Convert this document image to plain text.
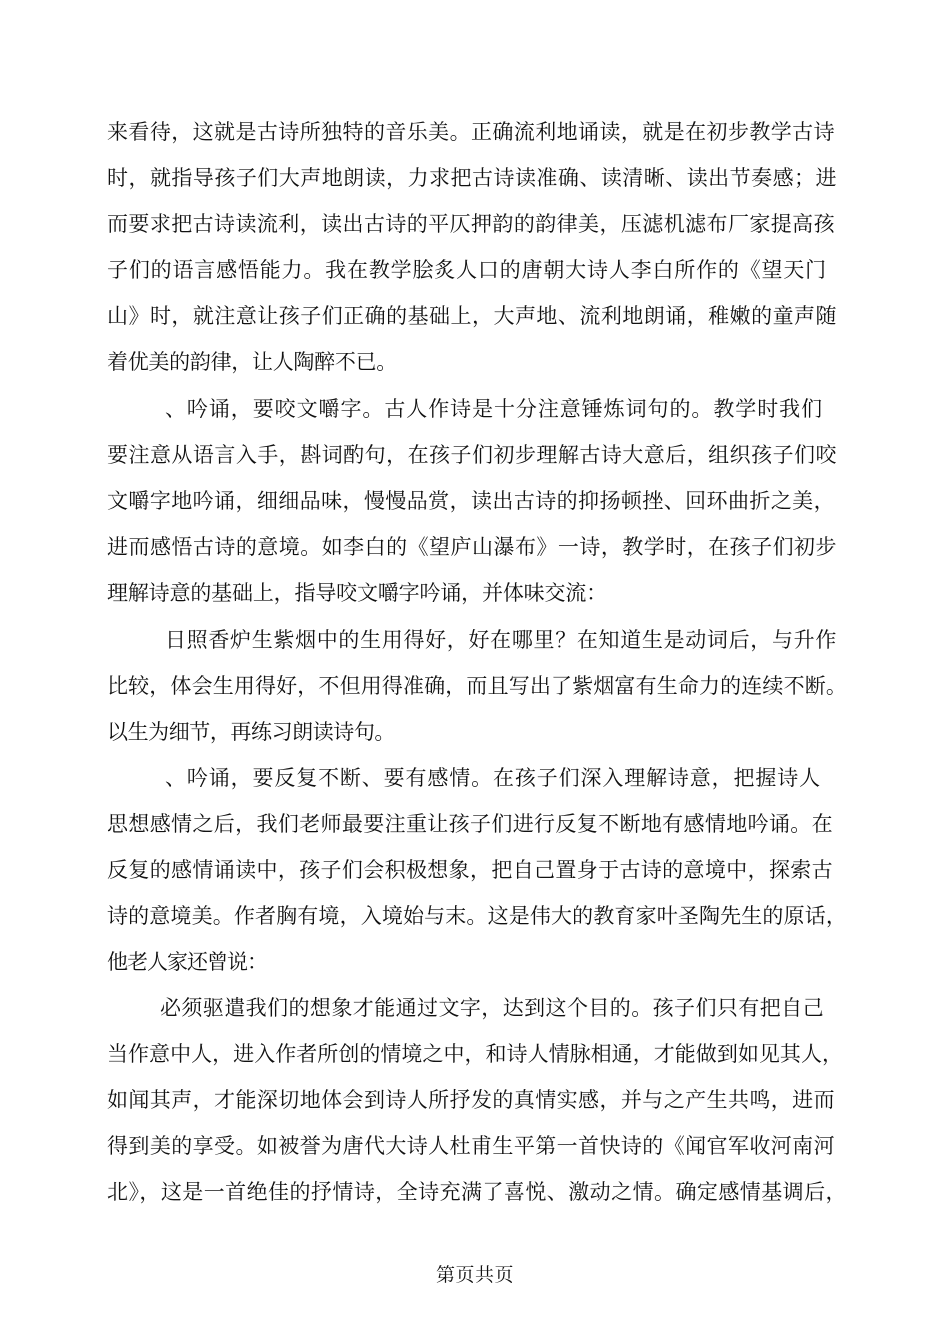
来看待，这就是古诗所独特的音乐美。正确流利地诵读，就是在初步教学古诗
时，就指导孩子们大声地朗读，力求把古诗读准确、读清晰、读出节奏感；进
而要求把古诗读流利，读出古诗的平仄押韵的韵律美，压滤机滤布厂家提高孩
子们的语言感悟能力。我在教学脍炙人口的唐朝大诗人李白所作的《望天门
山》时，就注意让孩子们正确的基础上，大声地、流利地朗诵，稚嫩的童声随
着优美的韵律，让人陶醉不已。
、吟诵，要咬文嚼字。古人作诗是十分注意锤炼词句的。教学时我们
要注意从语言入手，斟词酌句，在孩子们初步理解古诗大意后，组织孩子们咬
文嚼字地吟诵，细细品味，慢慢品赏，读出古诗的抑扬顿挫、回环曲折之美，
进而感悟古诗的意境。如李白的《望庐山瀑布》一诗，教学时，在孩子们初步
理解诗意的基础上，指导咬文嚼字吟诵，并体味交流：
日照香炉生紫烟中的生用得好，好在哪里？在知道生是动词后，与升作
比较，体会生用得好，不但用得准确，而且写出了紫烟富有生命力的连续不断。
以生为细节，再练习朗读诗句。
、吟诵，要反复不断、要有感情。在孩子们深入理解诗意，把握诗人
思想感情之后，我们老师最要注重让孩子们进行反复不断地有感情地吟诵。在
反复的感情诵读中，孩子们会积极想象，把自己置身于古诗的意境中，探索古
诗的意境美。作者胸有境，入境始与末。这是伟大的教育家叶圣陶先生的原话，
他老人家还曾说：
必须驱遣我们的想象才能通过文字，达到这个目的。孩子们只有把自己
当作意中人，进入作者所创的情境之中，和诗人情脉相通，才能做到如见其人，
如闻其声，才能深切地体会到诗人所抒发的真情实感，并与之产生共鸣，进而
得到美的享受。如被誉为唐代大诗人杜甫生平第一首快诗的《闻官军收河南河
北》，这是一首绝佳的抒情诗，全诗充满了喜悦、激动之情。确定感情基调后，
第页共页
